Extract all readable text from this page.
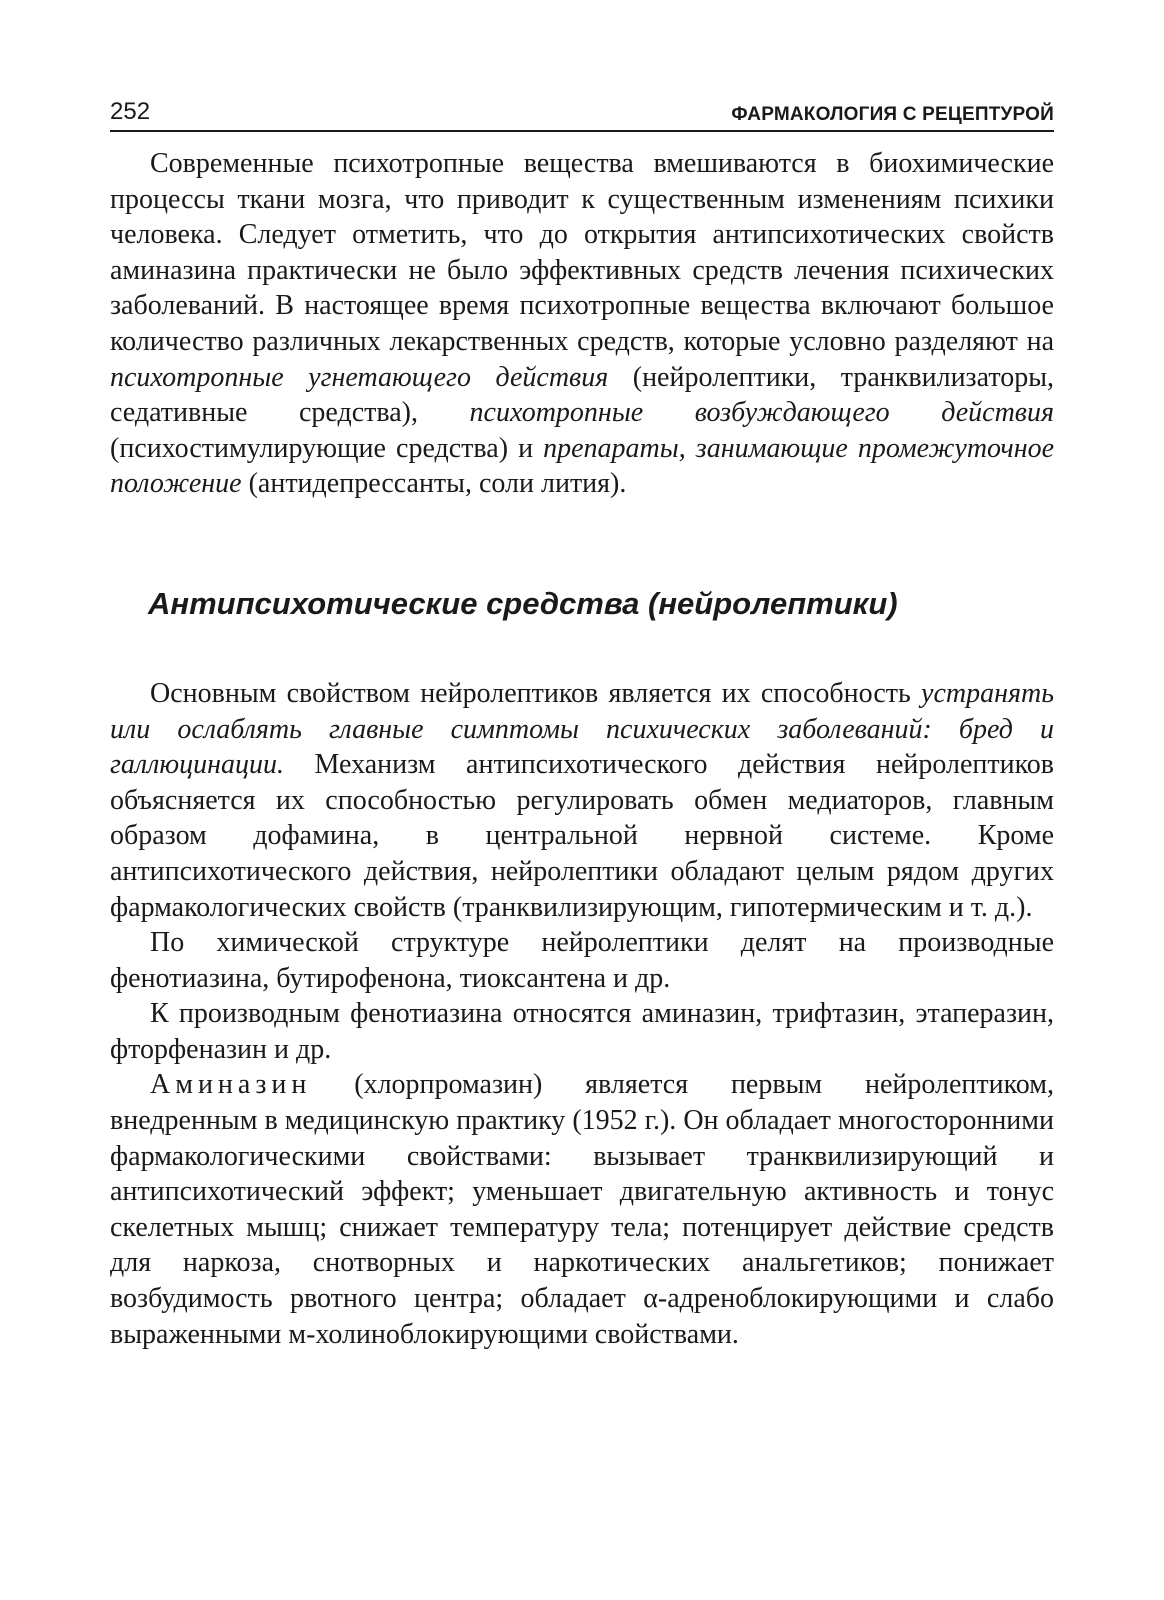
252	ФАРМАКОЛОГИЯ С РЕЦЕПТУРОЙ

Современные психотропные вещества вмешиваются в биохимические процессы ткани мозга, что приводит к существенным изменениям психики человека. Следует отметить, что до открытия антипсихотических свойств аминазина практически не было эффективных средств лечения психических заболеваний. В настоящее время психотропные вещества включают большое количество различных лекарственных средств, которые условно разделяют на психотропные угнетающего действия (нейролептики, транквилизаторы, седативные средства), психотропные возбуждающего действия (психостимулирующие средства) и препараты, занимающие промежуточное положение (антидепрессанты, соли лития).

Антипсихотические средства (нейролептики)

Основным свойством нейролептиков является их способность устранять или ослаблять главные симптомы психических заболеваний: бред и галлюцинации. Механизм антипсихотического действия нейролептиков объясняется их способностью регулировать обмен медиаторов, главным образом дофамина, в центральной нервной системе. Кроме антипсихотического действия, нейролептики обладают целым рядом других фармакологических свойств (транквилизирующим, гипотермическим и т. д.).

По химической структуре нейролептики делят на производные фенотиазина, бутирофенона, тиоксантена и др.

К производным фенотиазина относятся аминазин, трифтазин, этаперазин, фторфеназин и др.

Аминазин (хлорпромазин) является первым нейролептиком, внедренным в медицинскую практику (1952 г.). Он обладает многосторонними фармакологическими свойствами: вызывает транквилизирующий и антипсихотический эффект; уменьшает двигательную активность и тонус скелетных мышц; снижает температуру тела; потенцирует действие средств для наркоза, снотворных и наркотических анальгетиков; понижает возбудимость рвотного центра; обладает α-адреноблокирующими и слабо выраженными м-холиноблокирующими свойствами.
